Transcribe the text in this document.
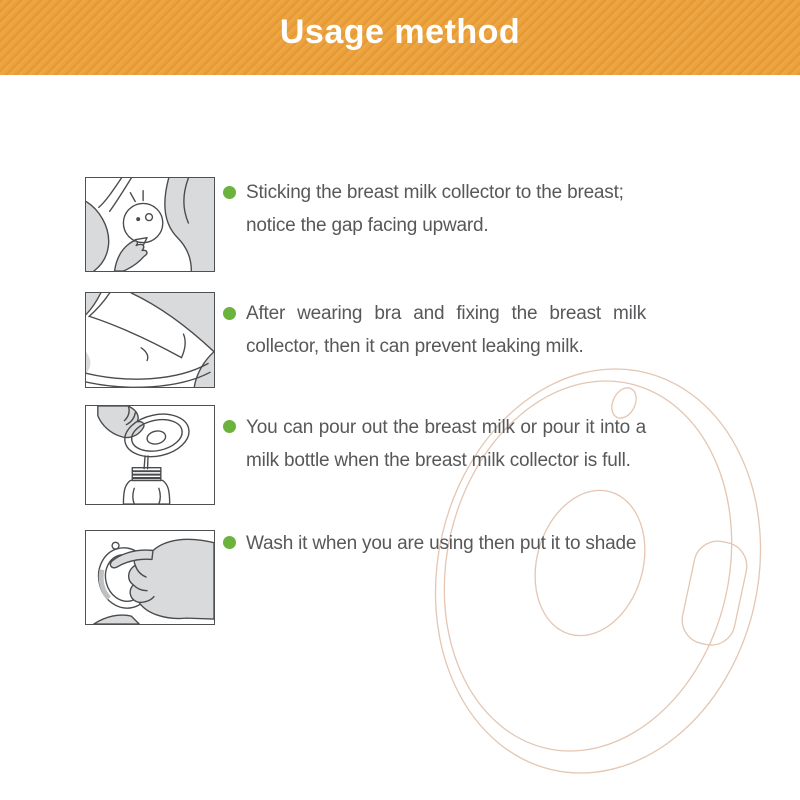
Usage method
Sticking the breast milk collector to the breast;
notice the gap facing upward.
After wearing bra and fixing the breast milk
collector, then it can prevent leaking milk.
You can pour out the breast milk or pour it into a
milk bottle when the breast milk collector is full.
Wash it when you are using then put it to shade
